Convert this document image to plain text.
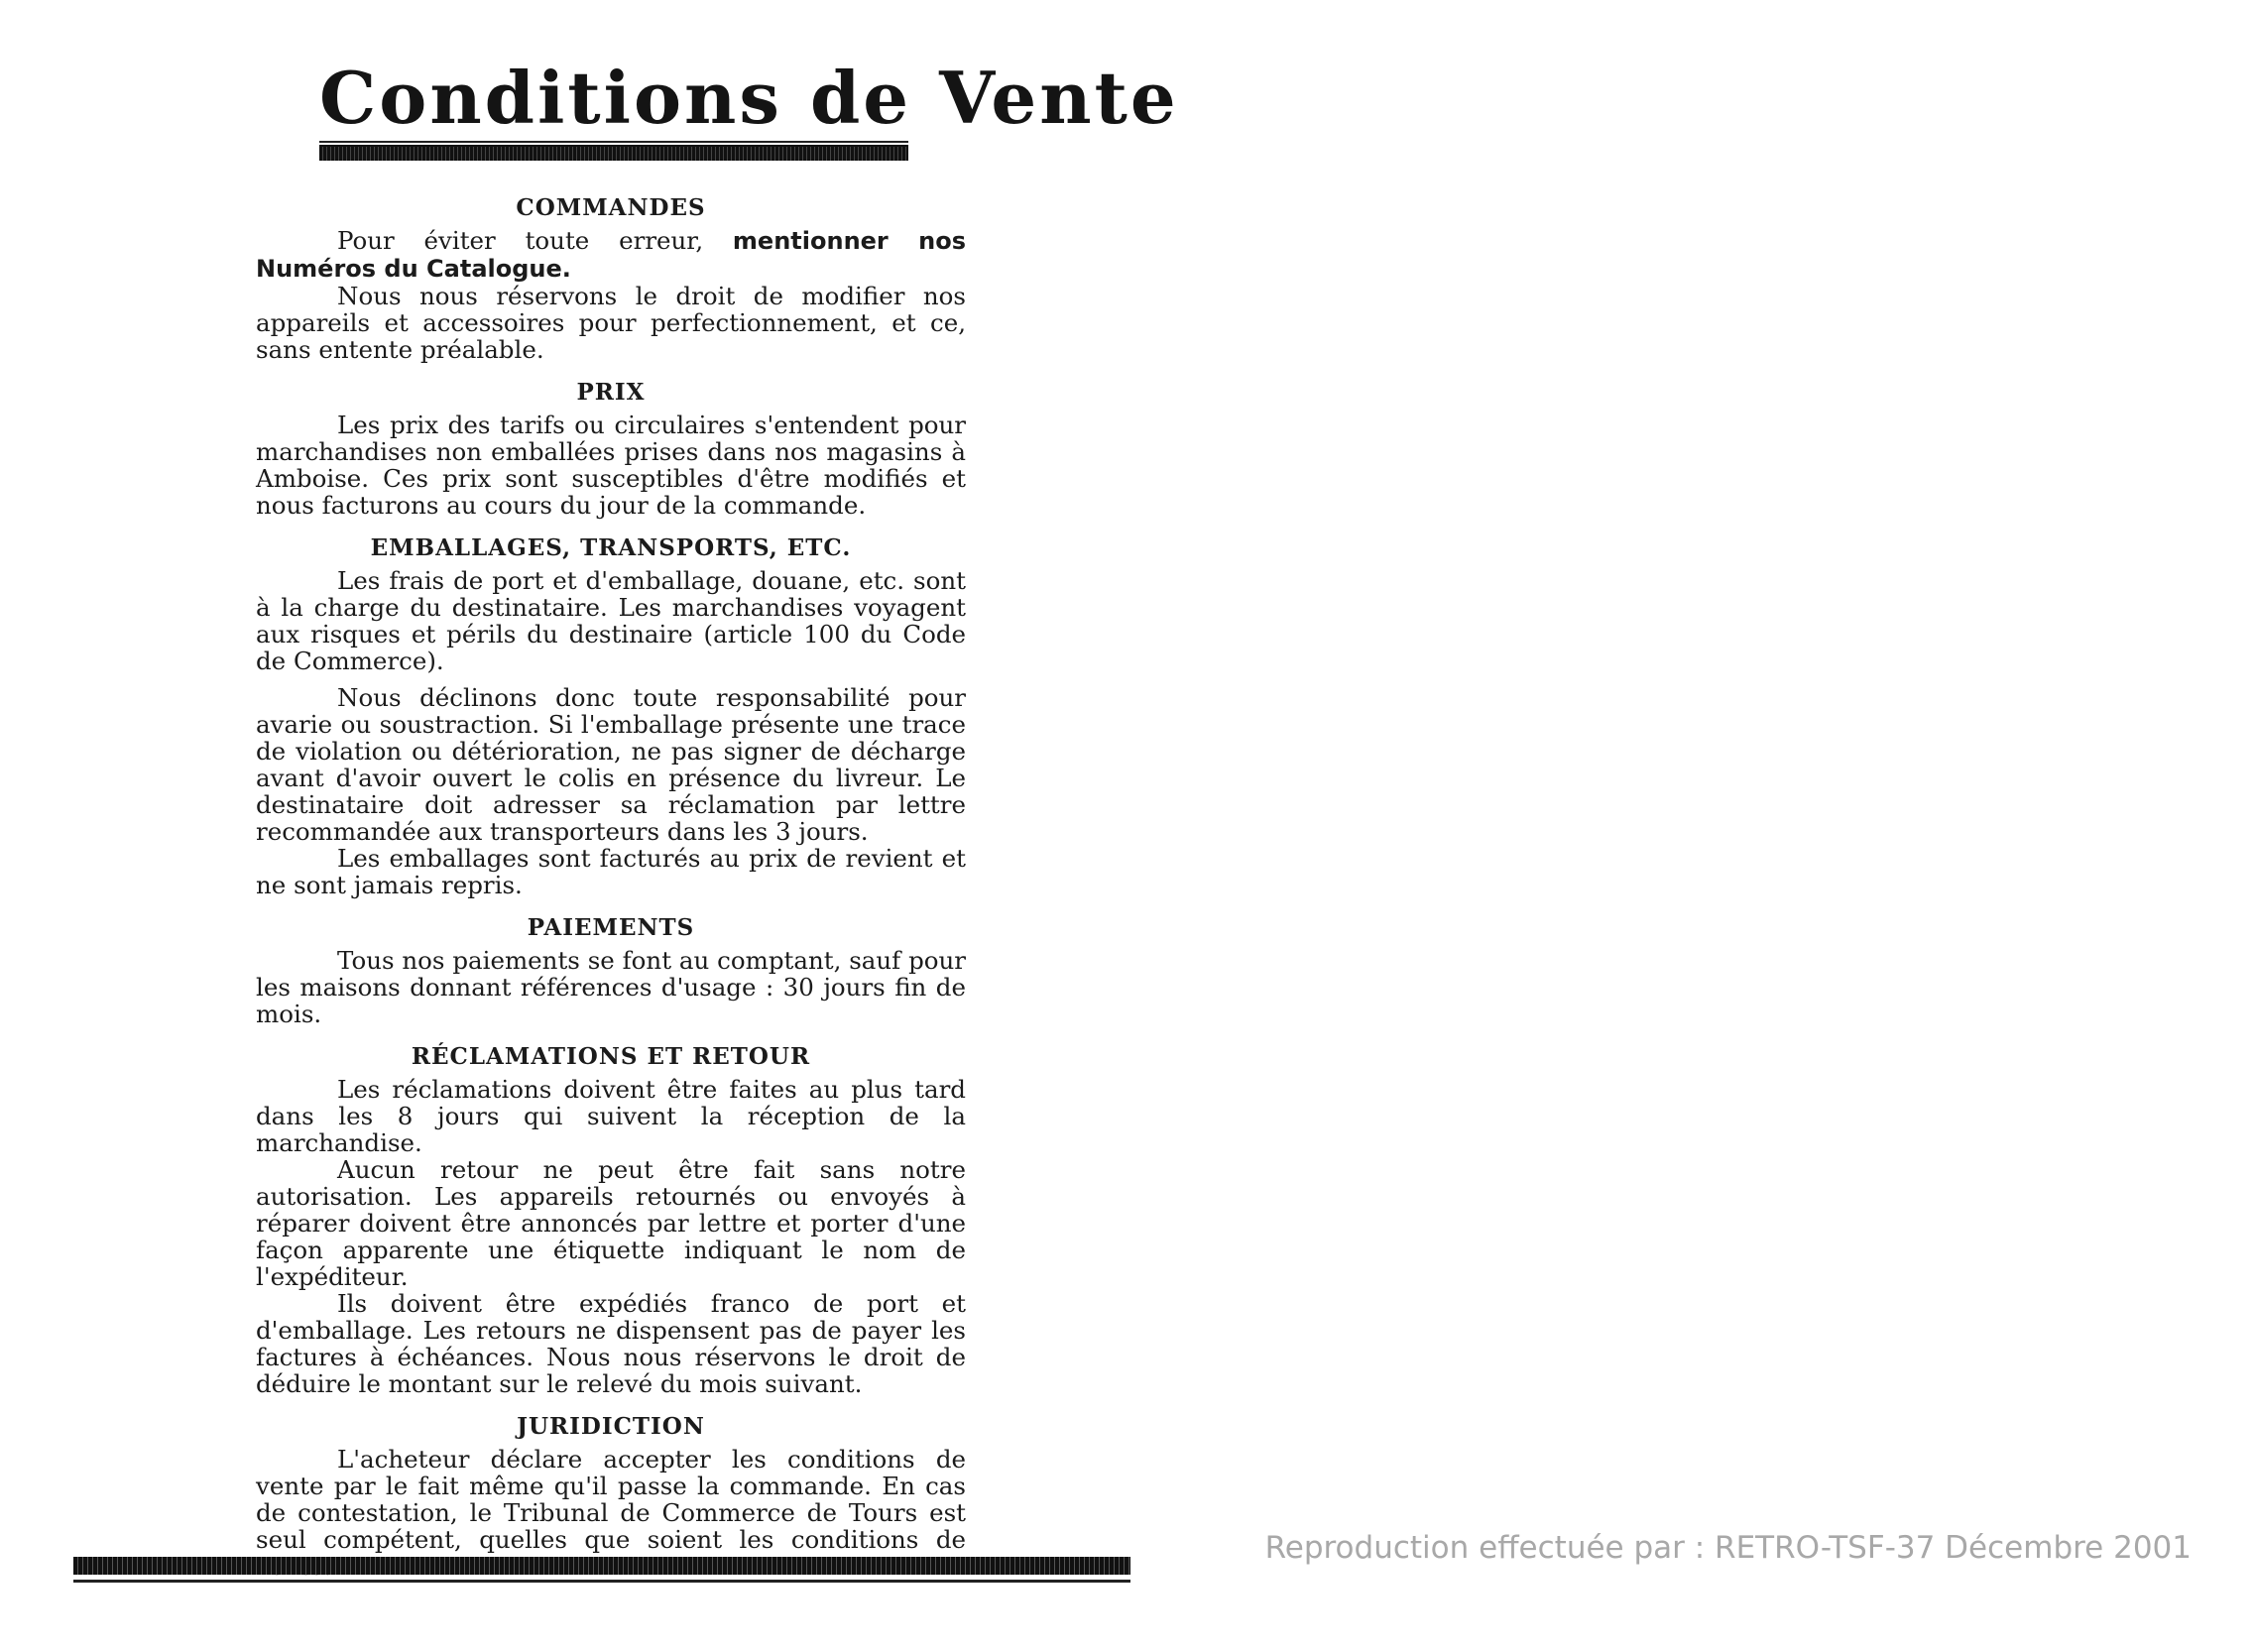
Conditions de Vente
COMMANDES

Pour éviter toute erreur, mentionner nos Numéros du Catalogue.

Nous nous réservons le droit de modifier nos appareils et accessoires pour perfectionnement, et ce, sans entente préalable.

PRIX

Les prix des tarifs ou circulaires s'entendent pour marchandises non emballées prises dans nos magasins à Amboise. Ces prix sont susceptibles d'être modifiés et nous facturons au cours du jour de la commande.

EMBALLAGES, TRANSPORTS, ETC.

Les frais de port et d'emballage, douane, etc. sont à la charge du destinataire. Les marchandises voyagent aux risques et périls du destinaire (article 100 du Code de Commerce).

Nous déclinons donc toute responsabilité pour avarie ou soustraction. Si l'emballage présente une trace de violation ou détérioration, ne pas signer de décharge avant d'avoir ouvert le colis en présence du livreur. Le destinataire doit adresser sa réclamation par lettre recommandée aux transporteurs dans les 3 jours.

Les emballages sont facturés au prix de revient et ne sont jamais repris.

PAIEMENTS

Tous nos paiements se font au comptant, sauf pour les maisons donnant références d'usage : 30 jours fin de mois.

RÉCLAMATIONS ET RETOUR

Les réclamations doivent être faites au plus tard dans les 8 jours qui suivent la réception de la marchandise.

Aucun retour ne peut être fait sans notre autorisation. Les appareils retournés ou envoyés à réparer doivent être annoncés par lettre et porter d'une façon apparente une étiquette indiquant le nom de l'expéditeur.

Ils doivent être expédiés franco de port et d'emballage. Les retours ne dispensent pas de payer les factures à échéances. Nous nous réservons le droit de déduire le montant sur le relevé du mois suivant.

JURIDICTION

L'acheteur déclare accepter les conditions de vente par le fait même qu'il passe la commande. En cas de contestation, le Tribunal de Commerce de Tours est seul compétent, quelles que soient les conditions de	Reproduction effectuée par : RETRO-TSF-37 Décembre 2001
